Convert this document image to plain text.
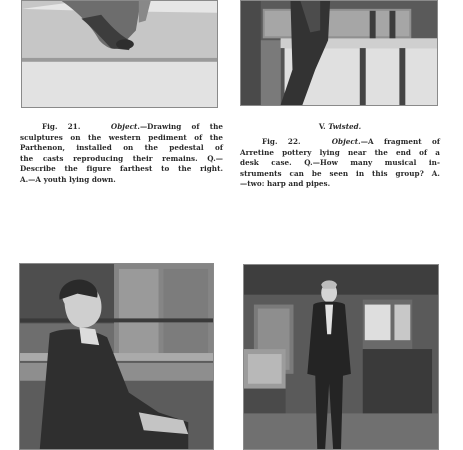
Fig. 21.	Object.—Drawing of the
sculptures on the western pediment of the
Parthenon, installed on the pedestal of
the casts reproducing their remains. Q.—
Describe the figure farthest to the right.
A.—A youth lying down.
V. Twisted.
Fig. 22.	Object.—A fragment of
Arretine pottery lying near the end of a
desk case. Q.—How many musical in-
struments can be seen in this group? A.
—two: harp and pipes.
